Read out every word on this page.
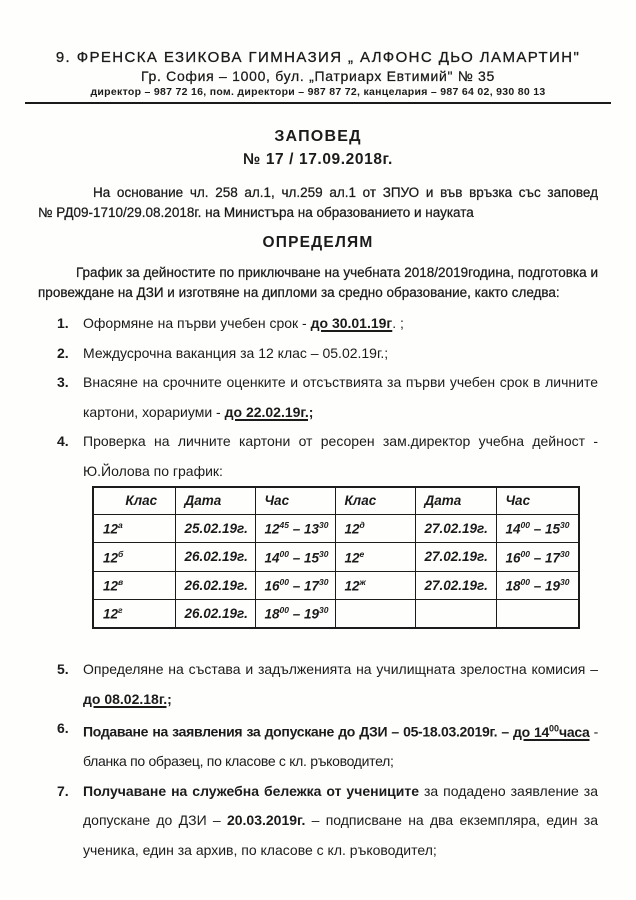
9. ФРЕНСКА ЕЗИКОВА ГИМНАЗИЯ „ АЛФОНС ДЬО ЛАМАРТИН"
Гр. София – 1000, бул. „Патриарх Евтимий" № 35
директор – 987 72 16, пом. директори – 987 87 72, канцелария – 987 64 02, 930 80 13
ЗАПОВЕД
№ 17 / 17.09.2018г.
На основание чл. 258 ал.1, чл.259 ал.1 от ЗПУО и във връзка със заповед
№ РД09-1710/29.08.2018г. на Министъра на образованието и науката
ОПРЕДЕЛЯМ
График за дейностите по приключване на учебната 2018/2019година, подготовка и
провеждане на ДЗИ и изготвяне на дипломи за средно образование, както следва:
1.	Оформяне на първи учебен срок - до 30.01.19г. ;
2.	Междусрочна ваканция за 12 клас – 05.02.19г.;
3.	Внасяне на срочните оценките и отсъствията за първи учебен срок в личните картони, хорариуми - до 22.02.19г.;
4.	Проверка на личните картони от ресорен зам.директор учебна дейност - Ю.Йолова по график:
Клас	Дата	Час	Клас	Дата	Час
$12^а$	25.02.19г.	$12^{45} - 13^{30}$	$12^д$	27.02.19г.	$14^{00} - 15^{30}$
$12^б$	26.02.19г.	$14^{00} - 15^{30}$	$12^е$	27.02.19г.	$16^{00} - 17^{30}$
$12^в$	26.02.19г.	$16^{00} - 17^{30}$	$12^ж$	27.02.19г.	$18^{00} - 19^{30}$
$12^г$	26.02.19г.	$18^{00} - 19^{30}$			
5.	Определяне на състава и задълженията на училищната зрелостна комисия – до 08.02.18г.;
6.	Подаване на заявления за допускане до ДЗИ – 05-18.03.2019г. – до $14^{00}часа$ - бланка по образец, по класове с кл. ръководител;
7.	Получаване на служебна бележка от учениците за подадено заявление за допускане до ДЗИ – 20.03.2019г. – подписване на два екземпляра, един за ученика, един за архив, по класове с кл. ръководител;
